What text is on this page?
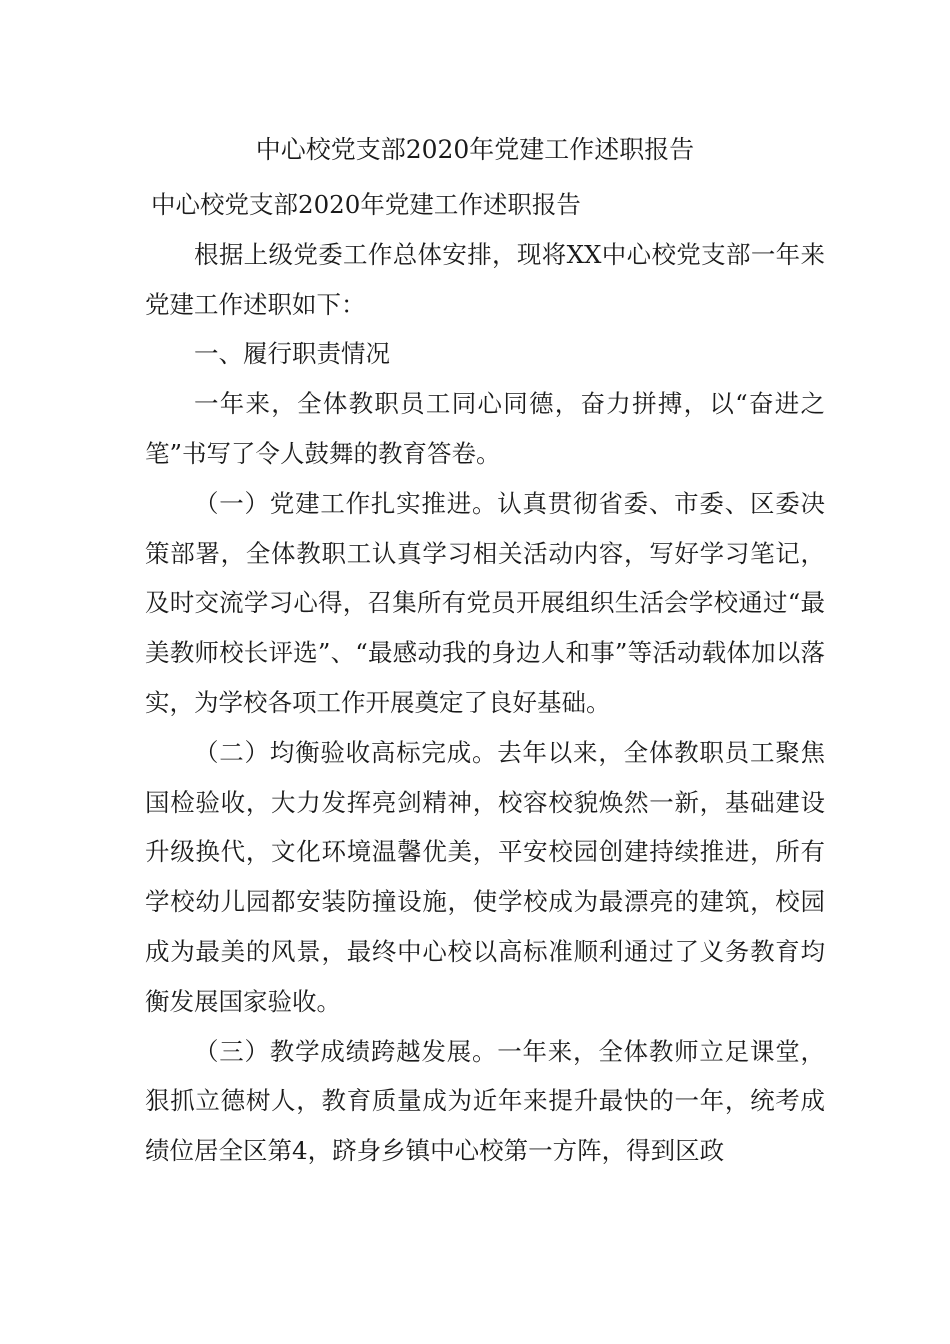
中心校党支部2020年党建工作述职报告

中心校党支部2020年党建工作述职报告

根据上级党委工作总体安排，现将XX中心校党支部一年来党建工作述职如下：

一、履行职责情况

一年来，全体教职员工同心同德，奋力拼搏，以“奋进之笔”书写了令人鼓舞的教育答卷。

（一）党建工作扎实推进。认真贯彻省委、市委、区委决策部署，全体教职工认真学习相关活动内容，写好学习笔记，及时交流学习心得，召集所有党员开展组织生活会学校通过“最美教师校长评选”、“最感动我的身边人和事”等活动载体加以落实，为学校各项工作开展奠定了良好基础。

（二）均衡验收高标完成。去年以来，全体教职员工聚焦国检验收，大力发挥亮剑精神，校容校貌焕然一新，基础建设升级换代，文化环境温馨优美，平安校园创建持续推进，所有学校幼儿园都安装防撞设施，使学校成为最漂亮的建筑，校园成为最美的风景，最终中心校以高标准顺利通过了义务教育均衡发展国家验收。

（三）教学成绩跨越发展。一年来，全体教师立足课堂，狠抓立德树人，教育质量成为近年来提升最快的一年，统考成绩位居全区第4，跻身乡镇中心校第一方阵，得到区政
